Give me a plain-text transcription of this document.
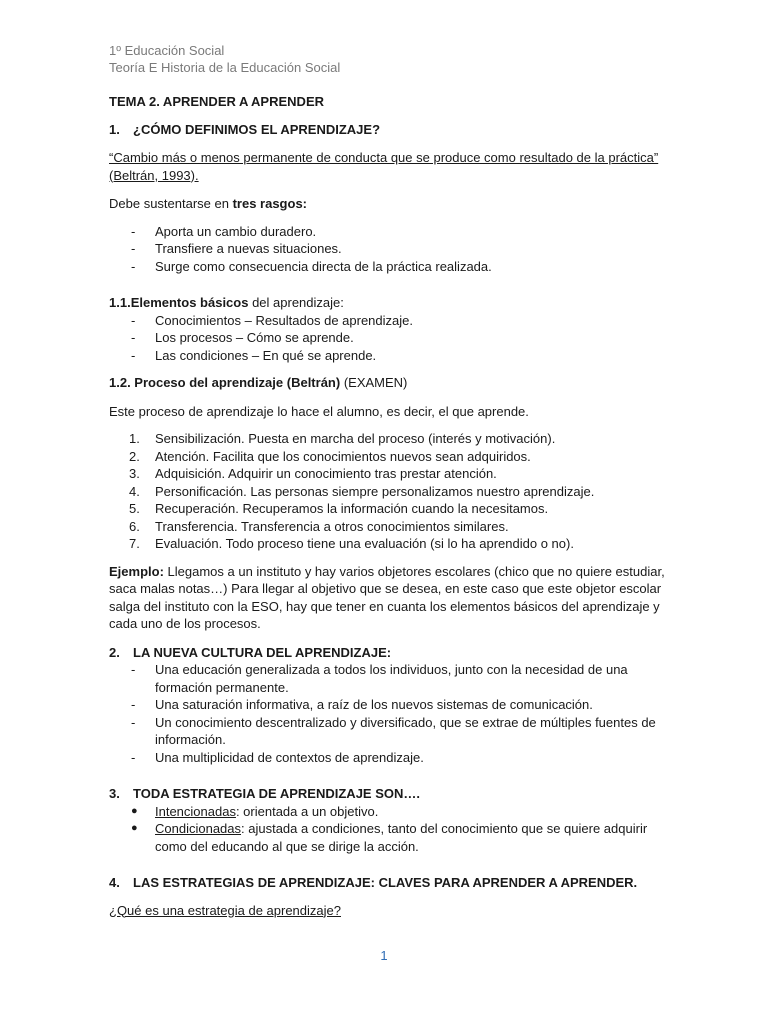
1º Educación Social
Teoría E Historia de la Educación Social

TEMA 2. APRENDER A APRENDER

1.	¿CÓMO DEFINIMOS EL APRENDIZAJE?

“Cambio más o menos permanente de conducta que se produce como resultado de la práctica” (Beltrán, 1993).

Debe sustentarse en tres rasgos:

-	Aporta un cambio duradero.
-	Transfiere a nuevas situaciones.
-	Surge como consecuencia directa de la práctica realizada.

1.1.Elementos básicos del aprendizaje:

-	Conocimientos – Resultados de aprendizaje.
-	Los procesos – Cómo se aprende.
-	Las condiciones – En qué se aprende.

1.2. Proceso del aprendizaje (Beltrán) (EXAMEN)

Este proceso de aprendizaje lo hace el alumno, es decir, el que aprende.

1.	Sensibilización. Puesta en marcha del proceso (interés y motivación).
2.	Atención. Facilita que los conocimientos nuevos sean adquiridos.
3.	Adquisición. Adquirir un conocimiento tras prestar atención.
4.	Personificación. Las personas siempre personalizamos nuestro aprendizaje.
5.	Recuperación. Recuperamos la información cuando la necesitamos.
6.	Transferencia. Transferencia a otros conocimientos similares.
7.	Evaluación. Todo proceso tiene una evaluación (si lo ha aprendido o no).

Ejemplo: Llegamos a un instituto y hay varios objetores escolares (chico que no quiere estudiar, saca malas notas…) Para llegar al objetivo que se desea, en este caso que este objetor escolar salga del instituto con la ESO, hay que tener en cuanta los elementos básicos del aprendizaje y cada uno de los procesos.

2.	LA NUEVA CULTURA DEL APRENDIZAJE:
-	Una educación generalizada a todos los individuos, junto con la necesidad de una formación permanente.
-	Una saturación informativa, a raíz de los nuevos sistemas de comunicación.
-	Un conocimiento descentralizado y diversificado, que se extrae de múltiples fuentes de información.
-	Una multiplicidad de contextos de aprendizaje.
3.	TODA ESTRATEGIA DE APRENDIZAJE SON….
●	Intencionadas: orientada a un objetivo.
●	Condicionadas: ajustada a condiciones, tanto del conocimiento que se quiere adquirir como del educando al que se dirige la acción.
4.	LAS ESTRATEGIAS DE APRENDIZAJE: CLAVES PARA APRENDER A APRENDER.

¿Qué es una estrategia de aprendizaje?

1
